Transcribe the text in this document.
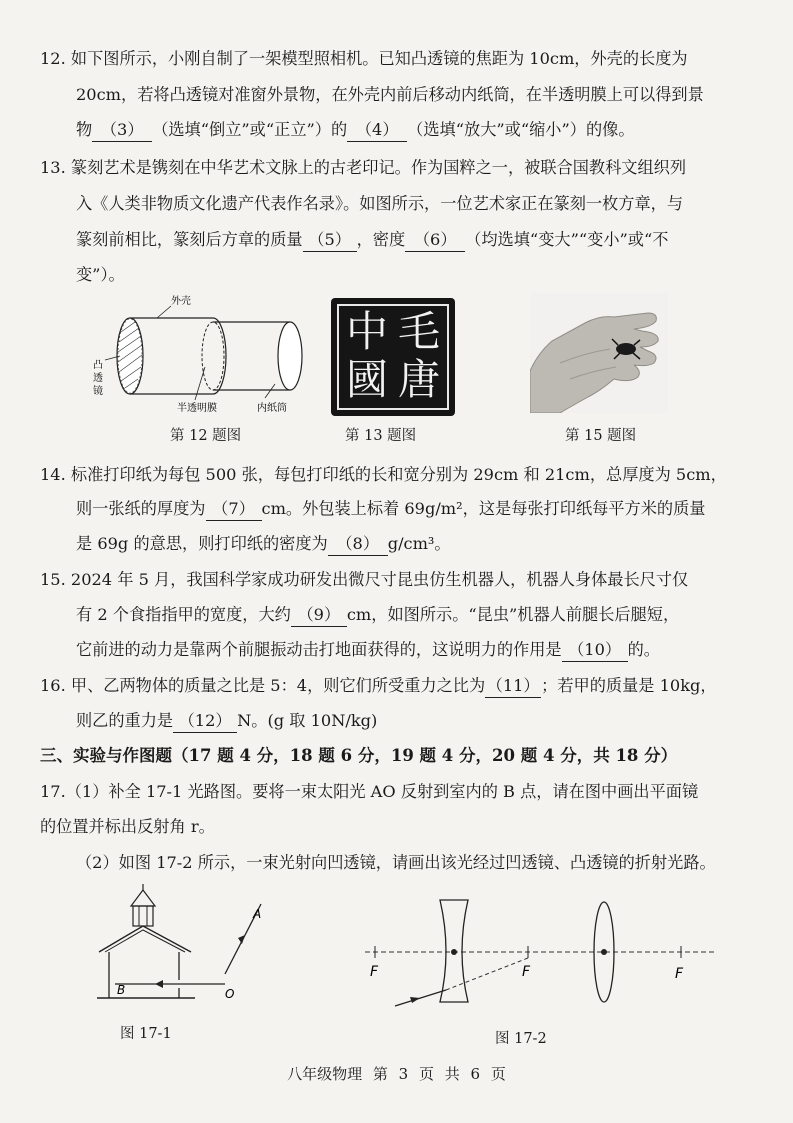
12. 如下图所示，小刚自制了一架模型照相机。已知凸透镜的焦距为 10cm，外壳的长度为
20cm，若将凸透镜对准窗外景物，在外壳内前后移动内纸筒，在半透明膜上可以得到景
物 （3） （选填“倒立”或“正立”）的 （4） （选填“放大”或“缩小”）的像。
13. 篆刻艺术是镌刻在中华艺术文脉上的古老印记。作为国粹之一，被联合国教科文组织列
入《人类非物质文化遗产代表作名录》。如图所示，一位艺术家正在篆刻一枚方章，与
篆刻前相比，篆刻后方章的质量 （5） ，密度 （6） （均选填“变大”“变小”或“不
变”）。
外壳
凸
透
镜
半透明膜	内纸筒
第 12 题图
毛
中
國 唐
第 13 题图	第 15 题图
14. 标准打印纸为每包 500 张，每包打印纸的长和宽分别为 29cm 和 21cm，总厚度为 5cm，
则一张纸的厚度为 （7） cm。外包装上标着 69g/m²，这是每张打印纸每平方米的质量
是 69g 的意思，则打印纸的密度为 （8） g/cm³。
15. 2024 年 5 月，我国科学家成功研发出微尺寸昆虫仿生机器人，机器人身体最长尺寸仅
有 2 个食指指甲的宽度，大约 （9） cm，如图所示。“昆虫”机器人前腿长后腿短，
它前进的动力是靠两个前腿振动击打地面获得的，这说明力的作用是 （10） 的。
16. 甲、乙两物体的质量之比是 5：4，则它们所受重力之比为（11）；若甲的质量是 10kg，
则乙的重力是 （12） N。(g 取 10N/kg)
三、实验与作图题（17 题 4 分，18 题 6 分，19 题 4 分，20 题 4 分，共 18 分）
17.（1）补全 17-1 光路图。要将一束太阳光 AO 反射到室内的 B 点，请在图中画出平面镜
的位置并标出反射角 r。
（2）如图 17-2 所示，一束光射向凹透镜，请画出该光经过凹透镜、凸透镜的折射光路。
A
B	O
图 17-1
F	F	F
图 17-2
八年级物理 第 3 页 共 6 页
